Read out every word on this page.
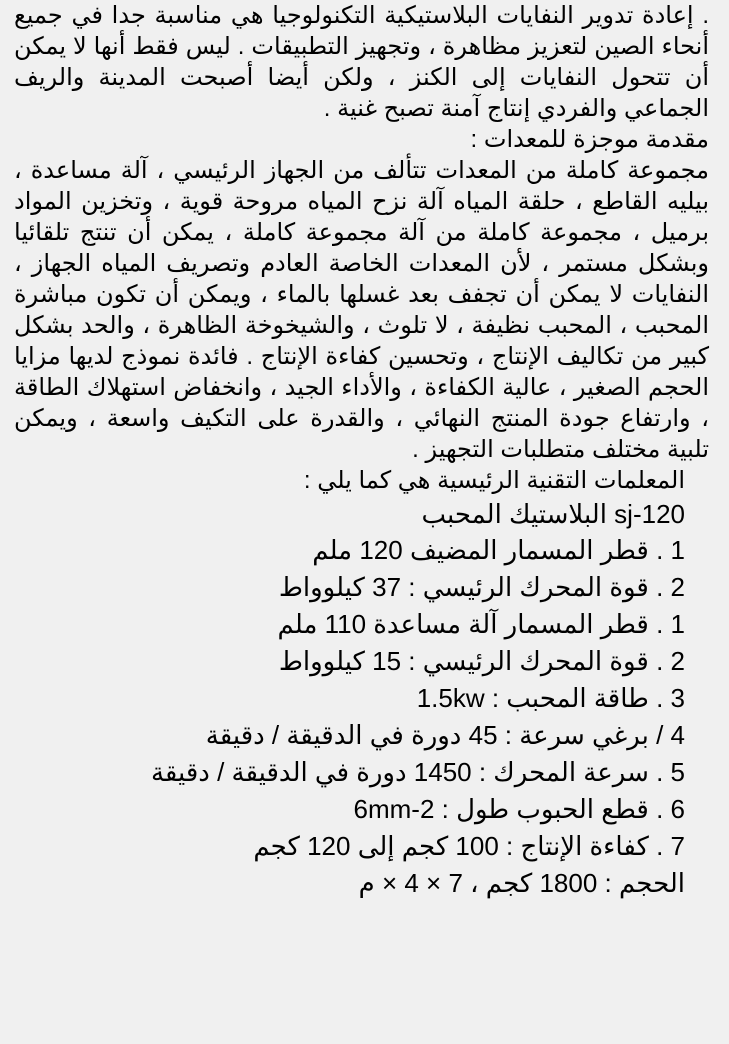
. إعادة تدوير النفايات البلاستيكية التكنولوجيا هي مناسبة جدا في جميع أنحاء الصين لتعزيز مظاهرة ، وتجهيز التطبيقات . ليس فقط أنها لا يمكن أن تتحول النفايات إلى الكنز ، ولكن أيضا أصبحت المدينة والريف الجماعي والفردي إنتاج آمنة تصبح غنية .

مقدمة موجزة للمعدات :

مجموعة كاملة من المعدات تتألف من الجهاز الرئيسي ، آلة مساعدة ، بيليه القاطع ، حلقة المياه آلة نزح المياه مروحة قوية ، وتخزين المواد برميل ، مجموعة كاملة من آلة مجموعة كاملة ، يمكن أن تنتج تلقائيا وبشكل مستمر ، لأن المعدات الخاصة العادم وتصريف المياه الجهاز ، النفايات لا يمكن أن تجفف بعد غسلها بالماء ، ويمكن أن تكون مباشرة المحبب ، المحبب نظيفة ، لا تلوث ، والشيخوخة الظاهرة ، والحد بشكل كبير من تكاليف الإنتاج ، وتحسين كفاءة الإنتاج . فائدة نموذج لديها مزايا الحجم الصغير ، عالية الكفاءة ، والأداء الجيد ، وانخفاض استهلاك الطاقة ، وارتفاع جودة المنتج النهائي ، والقدرة على التكيف واسعة ، ويمكن تلبية مختلف متطلبات التجهيز .

المعلمات التقنية الرئيسية هي كما يلي :
sj-120 البلاستيك المحبب
1 . قطر المسمار المضيف 120 ملم
2 . قوة المحرك الرئيسي : 37 كيلوواط
1 . قطر المسمار آلة مساعدة 110 ملم
2 . قوة المحرك الرئيسي : 15 كيلوواط
3 . طاقة المحبب : 1.5kw
4 / برغي سرعة : 45 دورة في الدقيقة / دقيقة
5 . سرعة المحرك : 1450 دورة في الدقيقة / دقيقة
6 . قطع الحبوب طول : 2-6mm
7 . كفاءة الإنتاج : 100 كجم إلى 120 كجم
الحجم : 1800 كجم ، 7 × 4 × م
